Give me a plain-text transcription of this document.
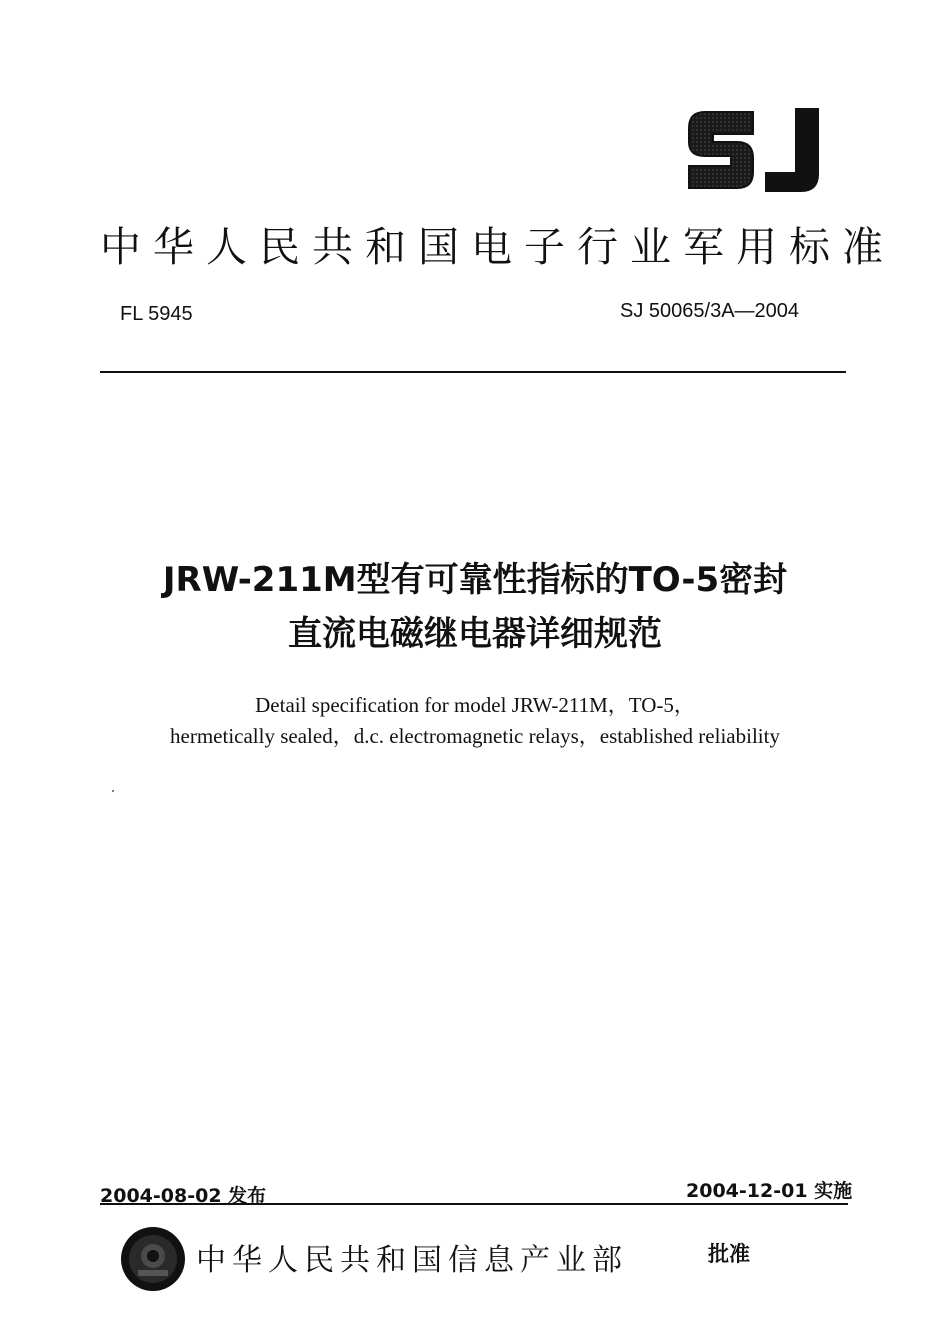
中华人民共和国电子行业军用标准
FL 5945	SJ 50065/3A—2004
JRW-211M型有可靠性指标的TO-5密封
直流电磁继电器详细规范
Detail specification for model JRW-211M，TO-5，
hermetically sealed，d.c. electromagnetic relays，established reliability
2004-08-02 发布	2004-12-01 实施
中华人民共和国信息产业部	批准
